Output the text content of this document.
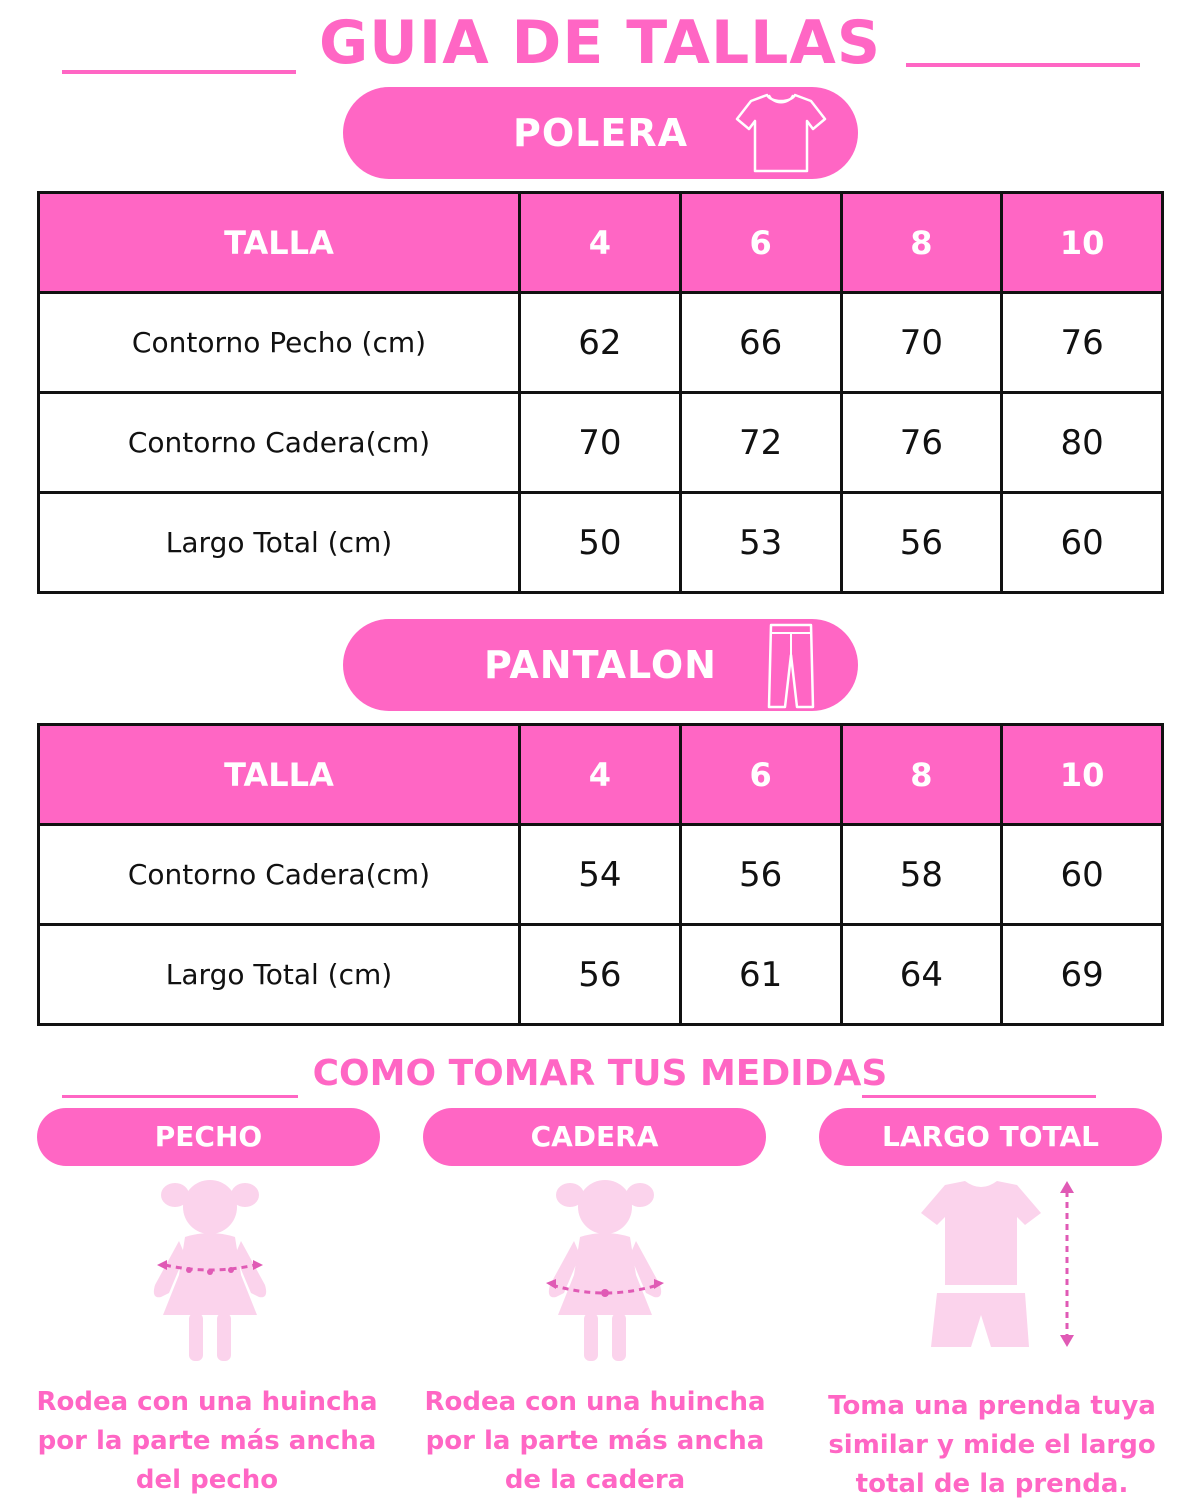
GUIA DE TALLAS
POLERA
TALLA	4	6	8	10
Contorno Pecho (cm)	62	66	70	76
Contorno Cadera(cm)	70	72	76	80
Largo Total (cm)	50	53	56	60
PANTALON
TALLA	4	6	8	10
Contorno Cadera(cm)	54	56	58	60
Largo Total (cm)	56	61	64	69
COMO TOMAR TUS MEDIDAS
PECHO	CADERA	LARGO TOTAL
Rodea con una huincha
por la parte más ancha
del pecho
Rodea con una huincha
por la parte más ancha
de la cadera
Toma una prenda tuya
similar y mide el largo
total de la prenda.
